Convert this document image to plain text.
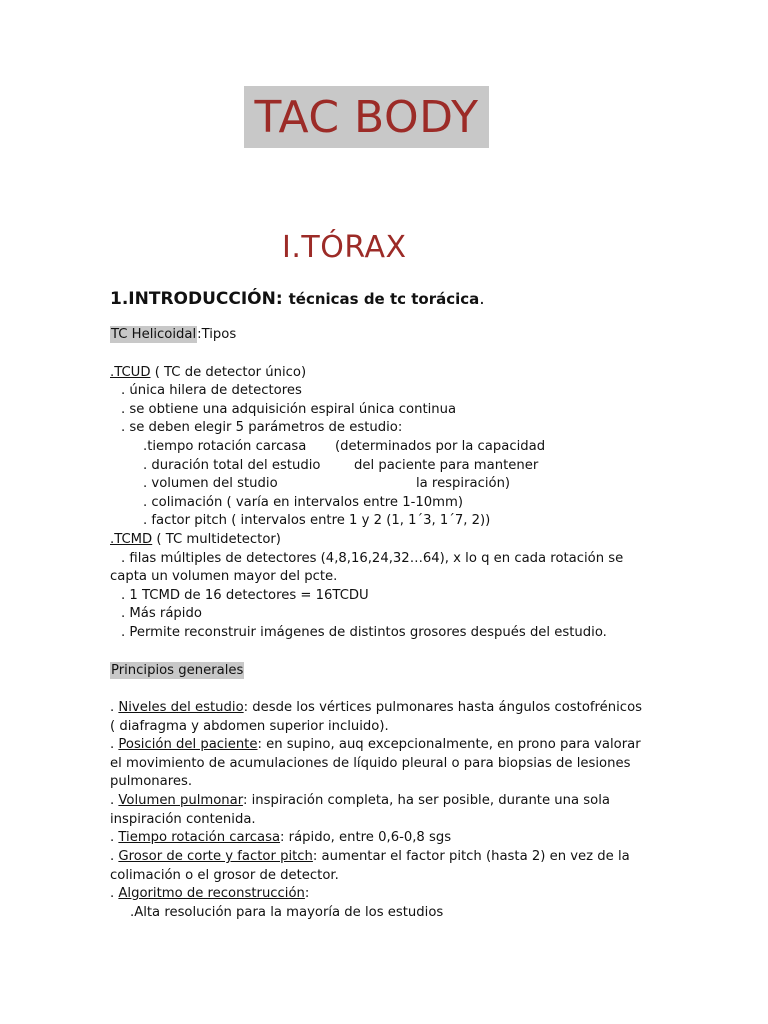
TAC BODY
I.TÓRAX
1.INTRODUCCIÓN: técnicas de tc torácica.
TC Helicoidal:Tipos
.TCUD ( TC de detector único)
. única hilera de detectores
. se obtiene una adquisición espiral única continua
. se deben elegir 5 parámetros de estudio:
.tiempo rotación carcasa
. duración total del estudio
. volumen del studio
. colimación ( varía en intervalos entre 1-10mm)
. factor pitch ( intervalos entre 1 y 2 (1, 1´3, 1´7, 2))
(determinados por la capacidad
del paciente para mantener
la respiración)
.TCMD ( TC multidetector)
. filas múltiples de detectores (4,8,16,24,32…64), x lo q en cada rotación se
capta un volumen mayor del pcte.
. 1 TCMD de 16 detectores = 16TCDU
. Más rápido
. Permite reconstruir imágenes de distintos grosores después del estudio.
Principios generales
. Niveles del estudio: desde los vértices pulmonares hasta ángulos costofrénicos ( diafragma y abdomen superior incluido).
. Posición del paciente: en supino, auq excepcionalmente, en prono para valorar el movimiento de acumulaciones de líquido pleural o para biopsias de lesiones pulmonares.
. Volumen pulmonar: inspiración completa, ha ser posible, durante una sola inspiración contenida.
. Tiempo rotación carcasa: rápido, entre 0,6-0,8 sgs
. Grosor de corte y factor pitch: aumentar el factor pitch (hasta 2) en vez de la colimación o el grosor de detector.
. Algoritmo de reconstrucción:
.Alta resolución para la mayoría de los estudios
